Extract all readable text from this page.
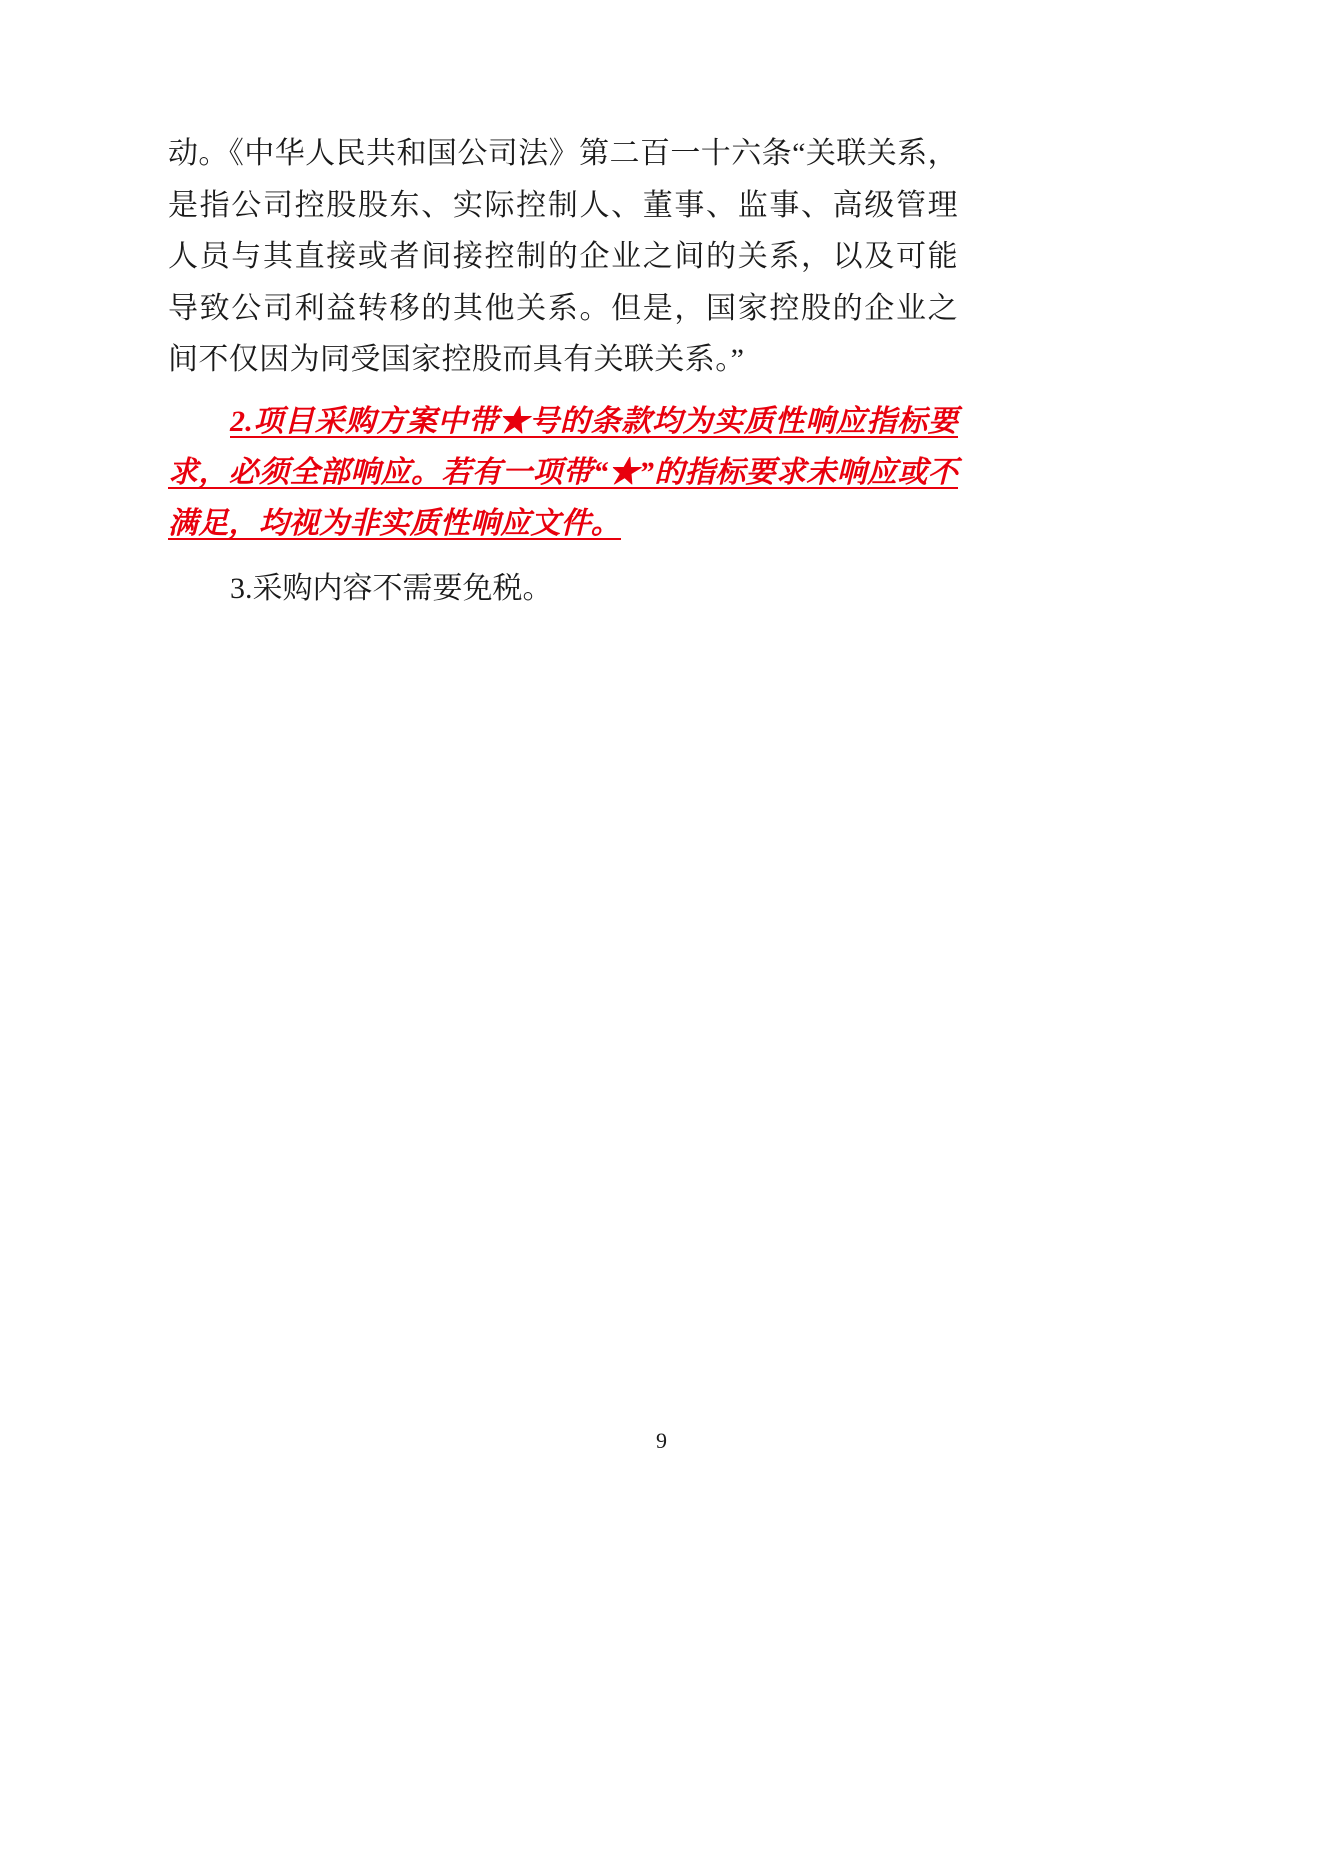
动。《中华人民共和国公司法》第二百一十六条“关联关系，是指公司控股股东、实际控制人、董事、监事、高级管理人员与其直接或者间接控制的企业之间的关系，以及可能导致公司利益转移的其他关系。但是，国家控股的企业之间不仅因为同受国家控股而具有关联关系。”

2.项目采购方案中带★号的条款均为实质性响应指标要求，必须全部响应。若有一项带“★”的指标要求未响应或不满足，均视为非实质性响应文件。

3.采购内容不需要免税。

9
